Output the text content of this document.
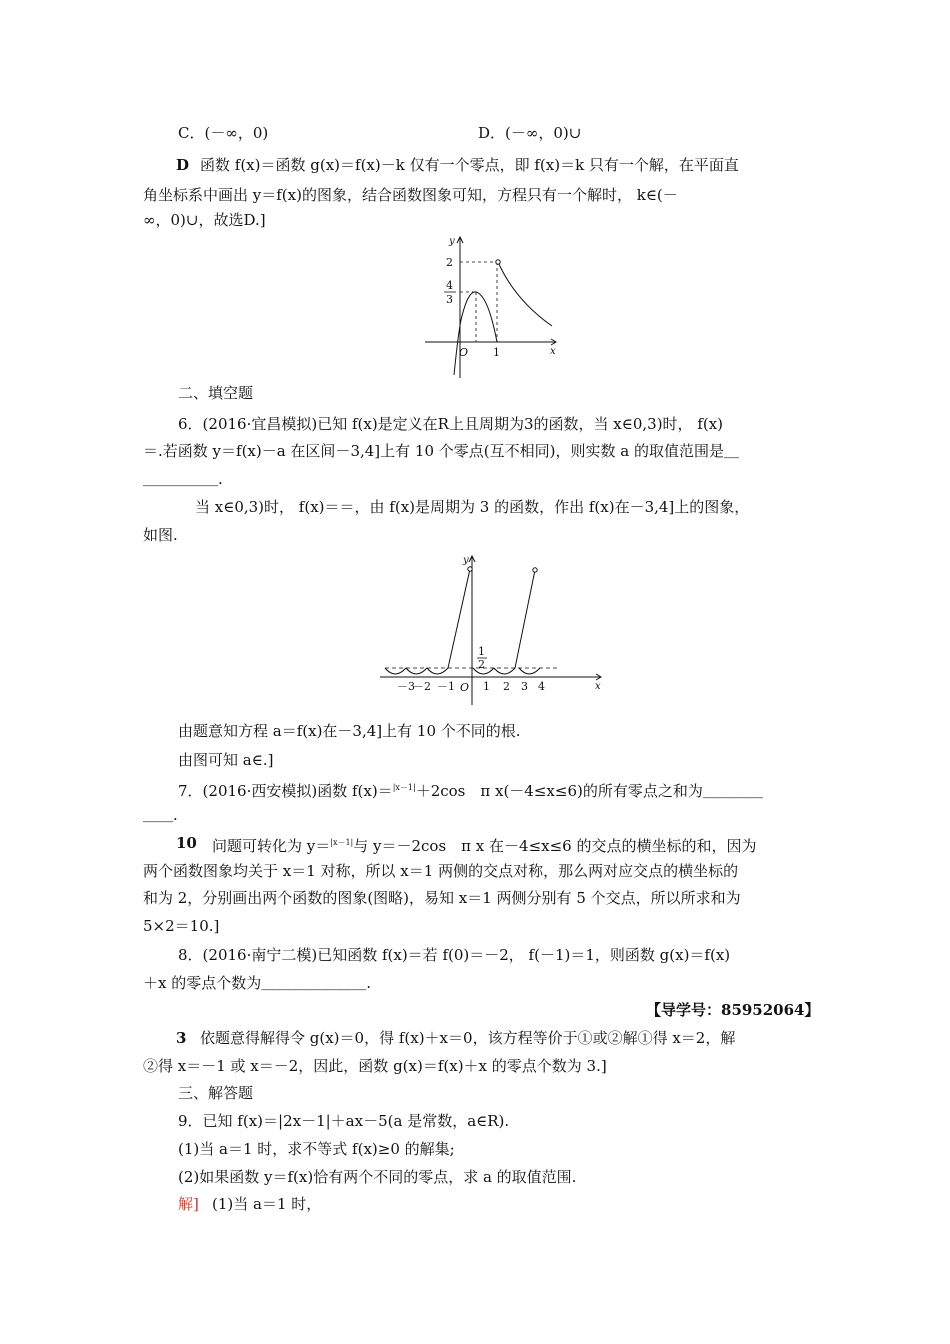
C．(－∞，0)	D．(－∞，0)∪
D 函数 f(x)＝函数 g(x)＝f(x)－k 仅有一个零点，即 f(x)＝k 只有一个解，在平面直
角坐标系中画出 y＝f(x)的图象，结合函数图象可知，方程只有一个解时， k∈(－
∞，0)∪，故选D.]
y
x
2
4
3
O 1
二、填空题
6．(2016·宜昌模拟)已知 f(x)是定义在R上且周期为3的函数，当 x∈0,3)时， f(x)
＝.若函数 y＝f(x)－a 在区间－3,4]上有 10 个零点(互不相同)，则实数 a 的取值范围是＿
＿＿＿＿＿.
当 x∈0,3)时， f(x)＝＝，由 f(x)是周期为 3 的函数，作出 f(x)在－3,4]上的图象，
如图.
y
x
1
2
－3
－2 －1 O 1 2 3 4
由题意知方程 a＝f(x)在－3,4]上有 10 个不同的根.
由图可知 a∈.]
7．(2016·西安模拟)函数 f(x)＝$^{|x-1|}$＋2cos　π x(－4≤x≤6)的所有零点之和为＿＿＿＿
＿＿.
10 问题可转化为 y＝$^{|x-1|}$与 y＝－2cos　π x 在－4≤x≤6 的交点的横坐标的和，因为
两个函数图象均关于 x＝1 对称，所以 x＝1 两侧的交点对称，那么两对应交点的横坐标的
和为 2，分别画出两个函数的图象(图略)，易知 x＝1 两侧分别有 5 个交点，所以所求和为
5×2＝10.]
8．(2016·南宁二模)已知函数 f(x)＝若 f(0)＝－2， f(－1)＝1，则函数 g(x)＝f(x)
＋x 的零点个数为＿＿＿＿＿＿＿.
【导学号：85952064】
3 依题意得解得令 g(x)＝0，得 f(x)＋x＝0，该方程等价于①或②解①得 x＝2，解
②得 x＝－1 或 x＝－2，因此，函数 g(x)＝f(x)＋x 的零点个数为 3.]
三、解答题
9．已知 f(x)＝|2x－1|＋ax－5(a 是常数，a∈R).
(1)当 a＝1 时，求不等式 f(x)≥0 的解集;
(2)如果函数 y＝f(x)恰有两个不同的零点，求 a 的取值范围.
解] (1)当 a＝1 时，
